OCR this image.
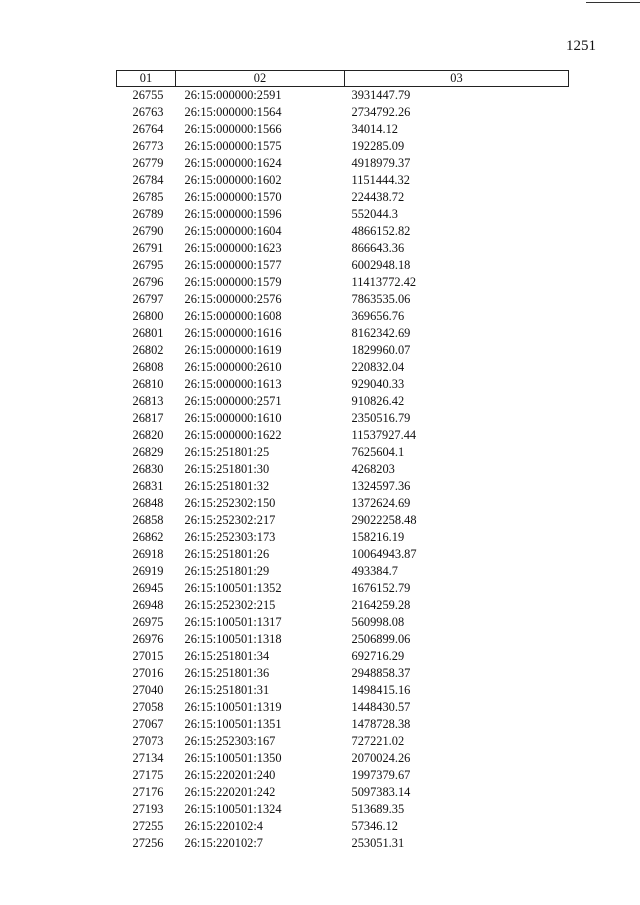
1251
01	02	03
26755	26:15:000000:2591	3931447.79
26763	26:15:000000:1564	2734792.26
26764	26:15:000000:1566	34014.12
26773	26:15:000000:1575	192285.09
26779	26:15:000000:1624	4918979.37
26784	26:15:000000:1602	1151444.32
26785	26:15:000000:1570	224438.72
26789	26:15:000000:1596	552044.3
26790	26:15:000000:1604	4866152.82
26791	26:15:000000:1623	866643.36
26795	26:15:000000:1577	6002948.18
26796	26:15:000000:1579	11413772.42
26797	26:15:000000:2576	7863535.06
26800	26:15:000000:1608	369656.76
26801	26:15:000000:1616	8162342.69
26802	26:15:000000:1619	1829960.07
26808	26:15:000000:2610	220832.04
26810	26:15:000000:1613	929040.33
26813	26:15:000000:2571	910826.42
26817	26:15:000000:1610	2350516.79
26820	26:15:000000:1622	11537927.44
26829	26:15:251801:25	7625604.1
26830	26:15:251801:30	4268203
26831	26:15:251801:32	1324597.36
26848	26:15:252302:150	1372624.69
26858	26:15:252302:217	29022258.48
26862	26:15:252303:173	158216.19
26918	26:15:251801:26	10064943.87
26919	26:15:251801:29	493384.7
26945	26:15:100501:1352	1676152.79
26948	26:15:252302:215	2164259.28
26975	26:15:100501:1317	560998.08
26976	26:15:100501:1318	2506899.06
27015	26:15:251801:34	692716.29
27016	26:15:251801:36	2948858.37
27040	26:15:251801:31	1498415.16
27058	26:15:100501:1319	1448430.57
27067	26:15:100501:1351	1478728.38
27073	26:15:252303:167	727221.02
27134	26:15:100501:1350	2070024.26
27175	26:15:220201:240	1997379.67
27176	26:15:220201:242	5097383.14
27193	26:15:100501:1324	513689.35
27255	26:15:220102:4	57346.12
27256	26:15:220102:7	253051.31
